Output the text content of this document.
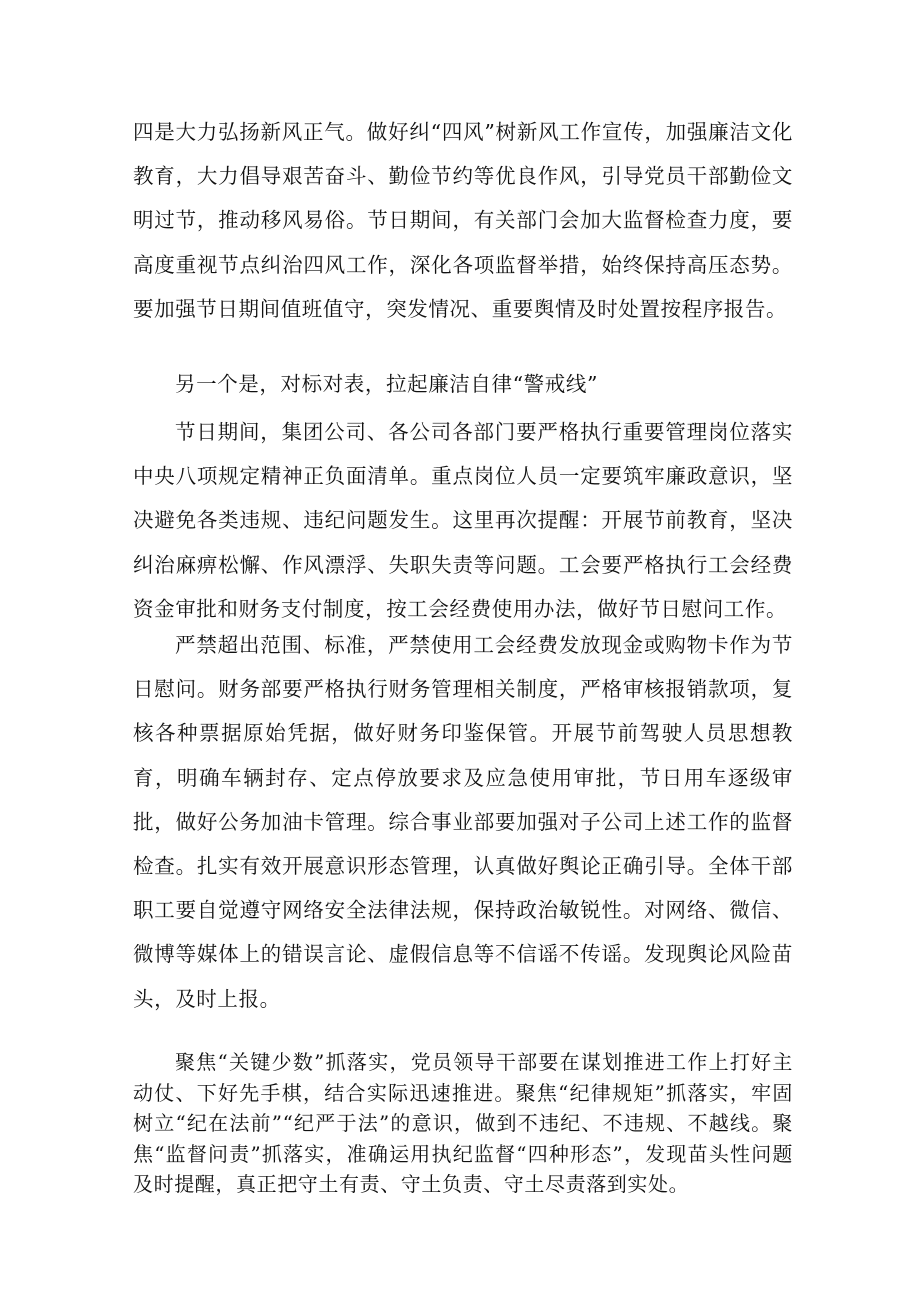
四是大力弘扬新风正气。做好纠“四风”树新风工作宣传，加强廉洁文化教育，大力倡导艰苦奋斗、勤俭节约等优良作风，引导党员干部勤俭文明过节，推动移风易俗。节日期间，有关部门会加大监督检查力度，要高度重视节点纠治四风工作，深化各项监督举措，始终保持高压态势。要加强节日期间值班值守，突发情况、重要舆情及时处置按程序报告。

另一个是，对标对表，拉起廉洁自律“警戒线”

节日期间，集团公司、各公司各部门要严格执行重要管理岗位落实中央八项规定精神正负面清单。重点岗位人员一定要筑牢廉政意识，坚决避免各类违规、违纪问题发生。这里再次提醒：开展节前教育，坚决纠治麻痹松懈、作风漂浮、失职失责等问题。工会要严格执行工会经费资金审批和财务支付制度，按工会经费使用办法，做好节日慰问工作。

严禁超出范围、标准，严禁使用工会经费发放现金或购物卡作为节日慰问。财务部要严格执行财务管理相关制度，严格审核报销款项，复核各种票据原始凭据，做好财务印鉴保管。开展节前驾驶人员思想教育，明确车辆封存、定点停放要求及应急使用审批，节日用车逐级审批，做好公务加油卡管理。综合事业部要加强对子公司上述工作的监督检查。扎实有效开展意识形态管理，认真做好舆论正确引导。全体干部职工要自觉遵守网络安全法律法规，保持政治敏锐性。对网络、微信、微博等媒体上的错误言论、虚假信息等不信谣不传谣。发现舆论风险苗头，及时上报。

聚焦“关键少数”抓落实，党员领导干部要在谋划推进工作上打好主动仗、下好先手棋，结合实际迅速推进。聚焦“纪律规矩”抓落实，牢固树立“纪在法前”“纪严于法”的意识，做到不违纪、不违规、不越线。聚焦“监督问责”抓落实，准确运用执纪监督“四种形态”，发现苗头性问题及时提醒，真正把守土有责、守土负责、守土尽责落到实处。
